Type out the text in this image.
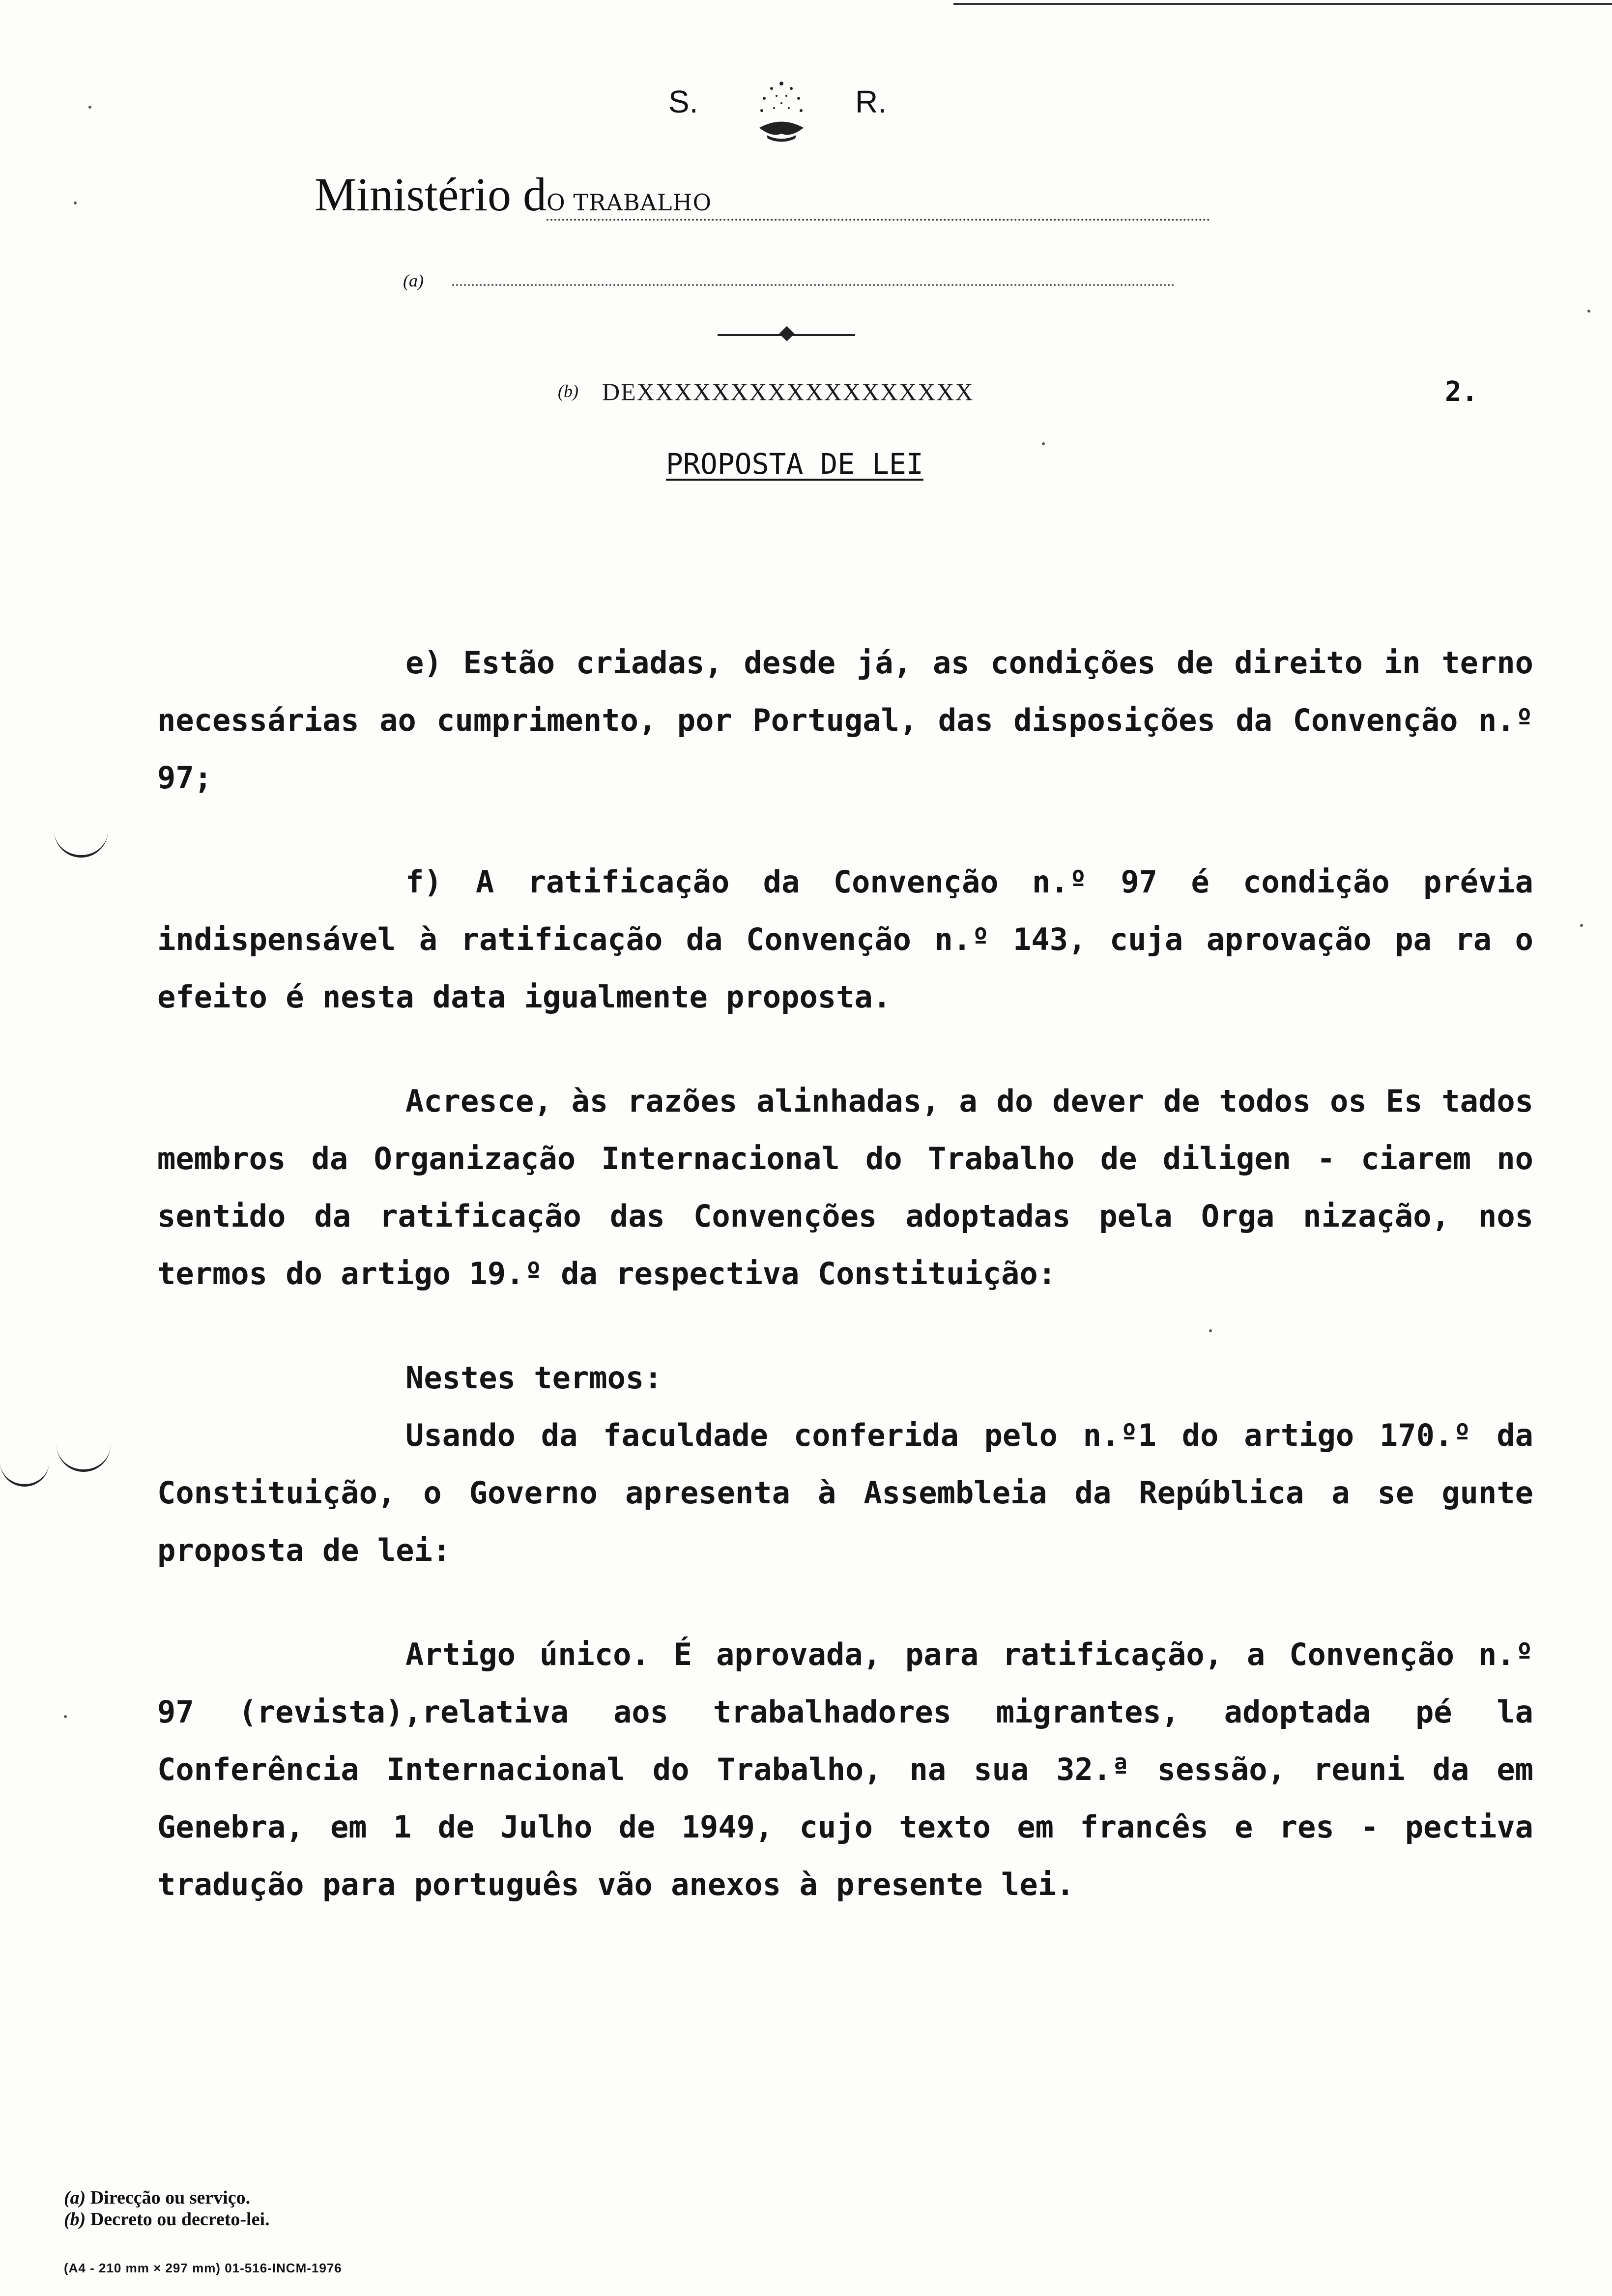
S.	R.
Ministério dO TRABALHO
(a)
(b) DEXXXXXXXXXXXXXXXXXX	2.
PROPOSTA DE LEI

e) Estão criadas, desde já, as condições de direito in terno necessárias ao cumprimento, por Portugal, das disposições da Convenção n.º 97;

f) A ratificação da Convenção n.º 97 é condição prévia indispensável à ratificação da Convenção n.º 143, cuja aprovação pa ra o efeito é nesta data igualmente proposta.

Acresce, às razões alinhadas, a do dever de todos os Es tados membros da Organização Internacional do Trabalho de diligen - ciarem no sentido da ratificação das Convenções adoptadas pela Orga nização, nos termos do artigo 19.º da respectiva Constituição:

Nestes termos:

Usando da faculdade conferida pelo n.º1 do artigo 170.º da Constituição, o Governo apresenta à Assembleia da República a se gunte proposta de lei:

Artigo único. É aprovada, para ratificação, a Convenção n.º 97 (revista),relativa aos trabalhadores migrantes, adoptada pé la Conferência Internacional do Trabalho, na sua 32.ª sessão, reuni da em Genebra, em 1 de Julho de 1949, cujo texto em francês e res - pectiva tradução para português vão anexos à presente lei.

(a) Direcção ou serviço.
(b) Decreto ou decreto-lei.
(A4 - 210 mm × 297 mm) 01-516-INCM-1976
